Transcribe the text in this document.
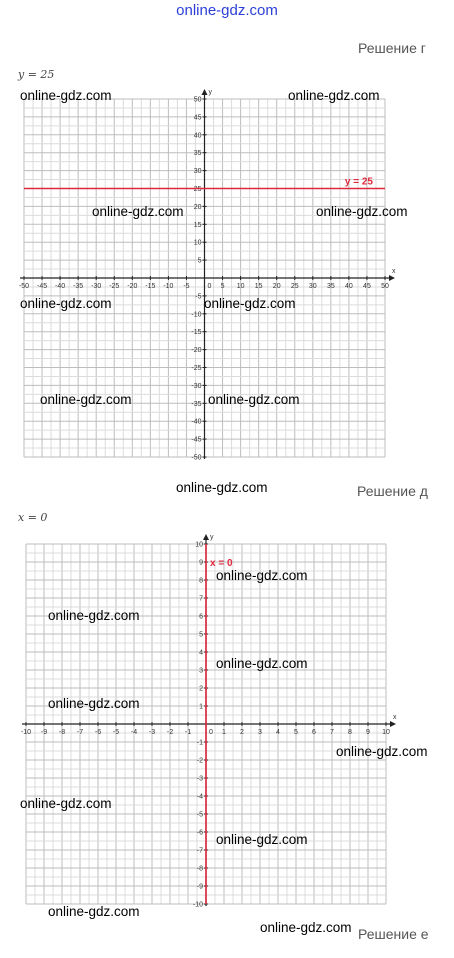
online-gdz.com
Решение г
y = 25
x
y
-50 -45 -40 -35 -30 -25 -20 -15 -10 -5	0 5 10 15 20 25 30 35 40 45 50
50
45
40
35
30
25
20
15
10
5
-5
-10
-15
-20
-25
-30
-35
-40
-45
-50
y = 25
Решение д
x = 0
x
y
-10 -9 -8 -7 -6 -5 -4 -3 -2 -1	0 1 2 3 4 5 6 7 8 9 10
10
9
8
7
6
5
4
3
2
1
-1
-2
-3
-4
-5
-6
-7
-8
-9
-10
x = 0
Решение е
online-gdz.com	online-gdz.com
online-gdz.com	online-gdz.com
online-gdz.com	online-gdz.com
online-gdz.com	online-gdz.com
online-gdz.com
online-gdz.com
online-gdz.com
online-gdz.com
online-gdz.com
online-gdz.com
online-gdz.com
online-gdz.com
online-gdz.com
online-gdz.com
